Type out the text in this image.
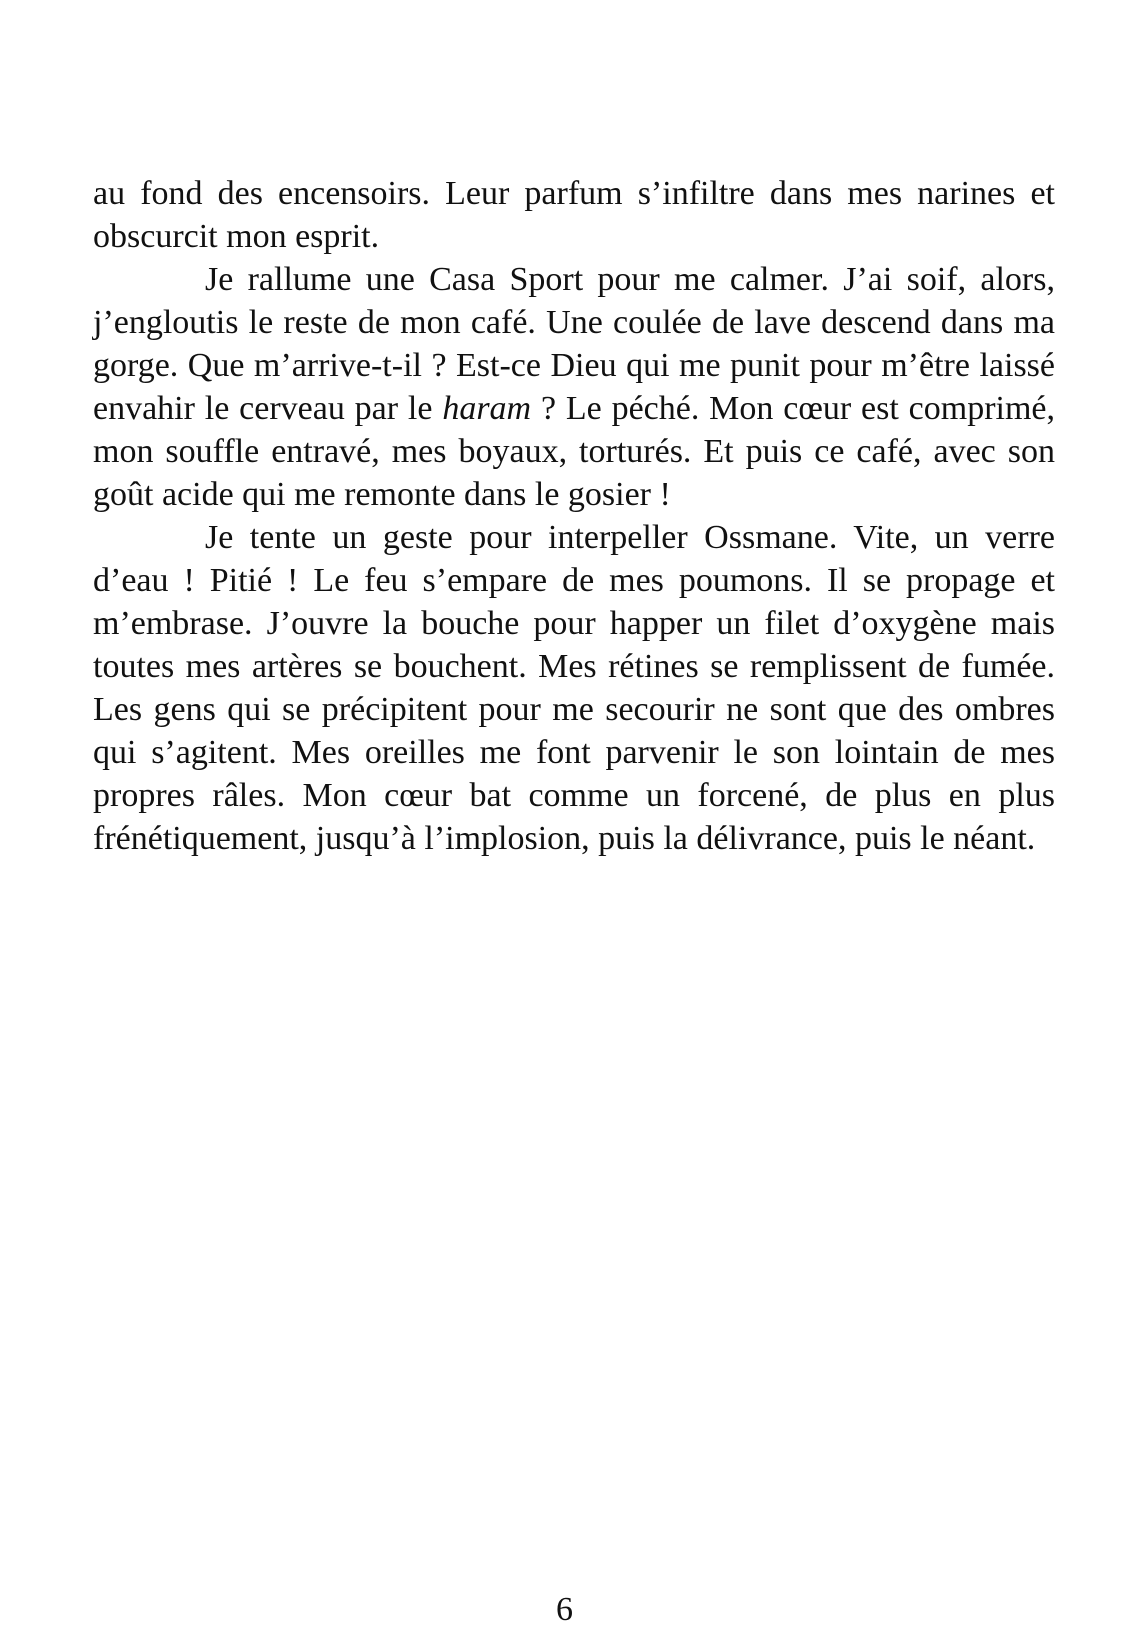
au fond des encensoirs. Leur parfum s’infiltre dans mes narines et obscurcit mon esprit.

Je rallume une Casa Sport pour me calmer. J’ai soif, alors, j’engloutis le reste de mon café. Une coulée de lave descend dans ma gorge. Que m’arrive-t-il ? Est-ce Dieu qui me punit pour m’être laissé envahir le cerveau par le haram ? Le péché. Mon cœur est comprimé, mon souffle entravé, mes boyaux, torturés. Et puis ce café, avec son goût acide qui me remonte dans le gosier !

Je tente un geste pour interpeller Ossmane. Vite, un verre d’eau ! Pitié ! Le feu s’empare de mes poumons. Il se propage et m’embrase. J’ouvre la bouche pour happer un filet d’oxygène mais toutes mes artères se bouchent. Mes rétines se remplissent de fumée. Les gens qui se précipitent pour me secourir ne sont que des ombres qui s’agitent. Mes oreilles me font parvenir le son lointain de mes propres râles. Mon cœur bat comme un forcené, de plus en plus frénétiquement, jusqu’à l’implosion, puis la délivrance, puis le néant.

6
